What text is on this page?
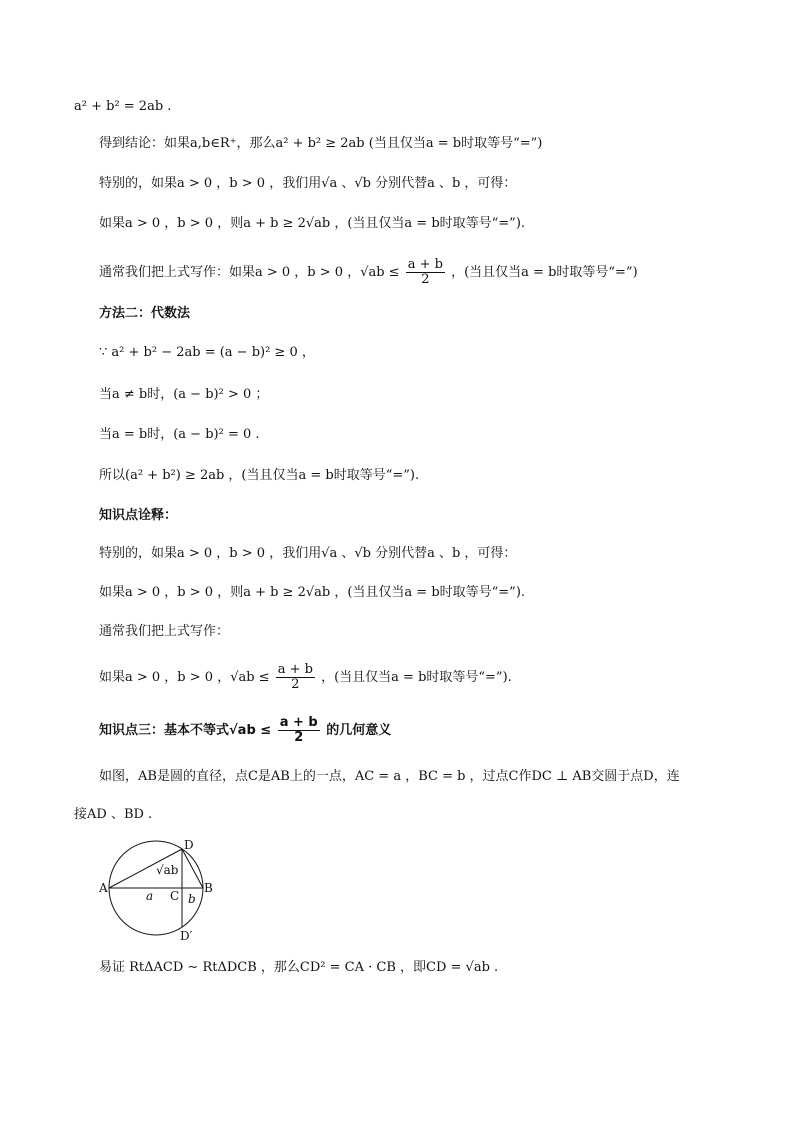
a² + b² = 2ab .
得到结论：如果a,b∈R⁺，那么a² + b² ≥ 2ab (当且仅当a = b时取等号“=”)
特别的，如果a > 0 ，b > 0 ，我们用√a 、√b 分别代替a 、b ，可得：
如果a > 0 ，b > 0 ，则a + b ≥ 2√ab ，(当且仅当a = b时取等号“=”).
通常我们把上式写作：如果a > 0 ，b > 0 ，$√ab \le \frac{a + b}{2}$ ，(当且仅当a = b时取等号“=”)
方法二：代数法
∵ a² + b² − 2ab = (a − b)² ≥ 0 ，
当a ≠ b时，(a − b)² > 0 ；
当a = b时，(a − b)² = 0 .
所以(a² + b²) ≥ 2ab ，(当且仅当a = b时取等号“=”).
知识点诠释：
特别的，如果a > 0 ，b > 0 ，我们用√a 、√b 分别代替a 、b ，可得：
如果a > 0 ，b > 0 ，则a + b ≥ 2√ab ，(当且仅当a = b时取等号“=”).
通常我们把上式写作：
如果a > 0 ，b > 0 ，$√ab \le \frac{a + b}{2}$ ，(当且仅当a = b时取等号“=”).
知识点三：基本不等式$√ab \le \frac{a + b}{2}$ 的几何意义
如图，AB是圆的直径，点C是AB上的一点，AC = a ，BC = b ，过点C作DC ⊥ AB交圆于点D，连
接AD 、BD .
D
A	B
C
D′
a	b
√ab
易证 RtΔACD ∼ RtΔDCB ，那么CD² = CA · CB ，即CD = √ab .
